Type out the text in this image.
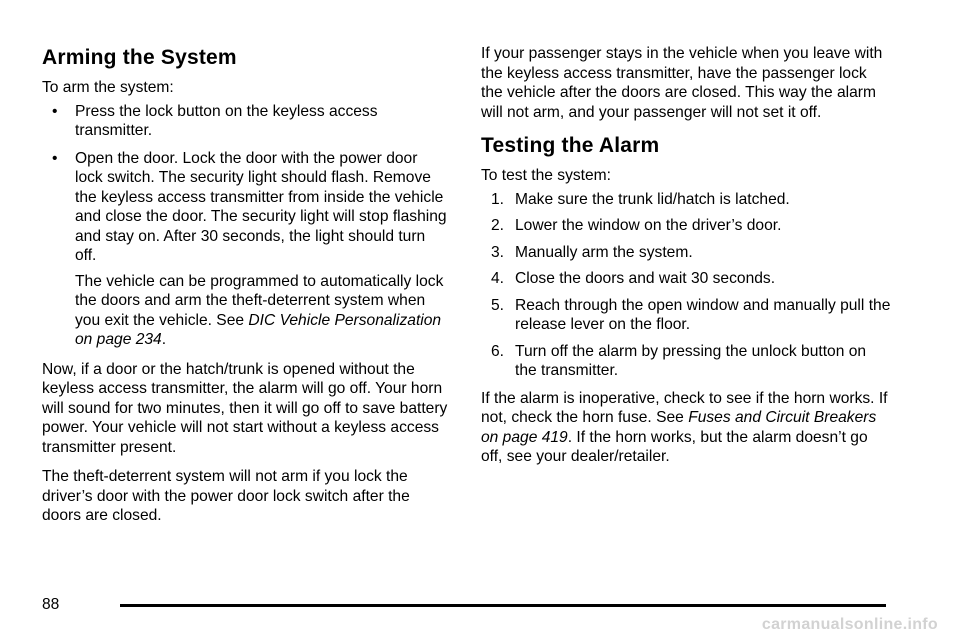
Arming the System

To arm the system:

• Press the lock button on the keyless access transmitter.
• Open the door. Lock the door with the power door lock switch. The security light should flash. Remove the keyless access transmitter from inside the vehicle and close the door. The security light will stop flashing and stay on. After 30 seconds, the light should turn off.

The vehicle can be programmed to automatically lock the doors and arm the theft-deterrent system when you exit the vehicle. See DIC Vehicle Personalization on page 234.

Now, if a door or the hatch/trunk is opened without the keyless access transmitter, the alarm will go off. Your horn will sound for two minutes, then it will go off to save battery power. Your vehicle will not start without a keyless access transmitter present.

The theft-deterrent system will not arm if you lock the driver’s door with the power door lock switch after the doors are closed.

If your passenger stays in the vehicle when you leave with the keyless access transmitter, have the passenger lock the vehicle after the doors are closed. This way the alarm will not arm, and your passenger will not set it off.

Testing the Alarm

To test the system:

1. Make sure the trunk lid/hatch is latched.
2. Lower the window on the driver’s door.
3. Manually arm the system.
4. Close the doors and wait 30 seconds.
5. Reach through the open window and manually pull the release lever on the floor.
6. Turn off the alarm by pressing the unlock button on the transmitter.

If the alarm is inoperative, check to see if the horn works. If not, check the horn fuse. See Fuses and Circuit Breakers on page 419. If the horn works, but the alarm doesn’t go off, see your dealer/retailer.

88
carmanualsonline.info
